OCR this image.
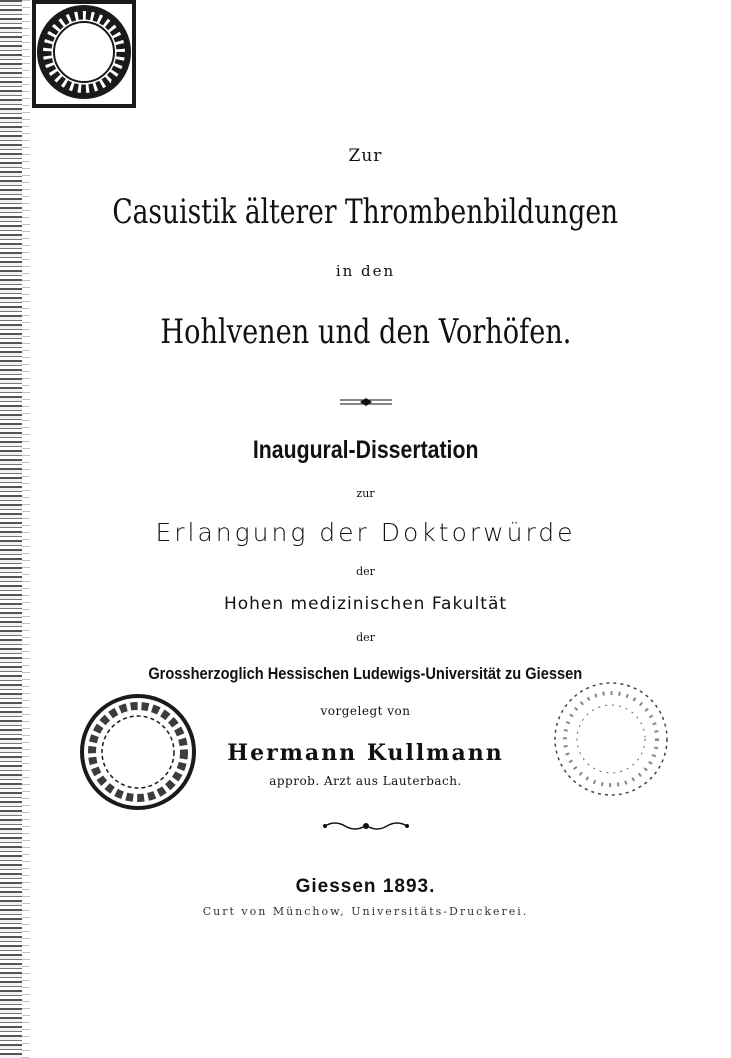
Zur
Casuistik älterer Thrombenbildungen
in den
Hohlvenen und den Vorhöfen.
Inaugural-Dissertation
zur
Erlangung der Doktorwürde
der
Hohen medizinischen Fakultät
der
Grossherzoglich Hessischen Ludewigs-Universität zu Giessen
vorgelegt von
Hermann Kullmann
approb. Arzt aus Lauterbach.
Giessen 1893.
Curt von Münchow, Universitäts-Druckerei.
